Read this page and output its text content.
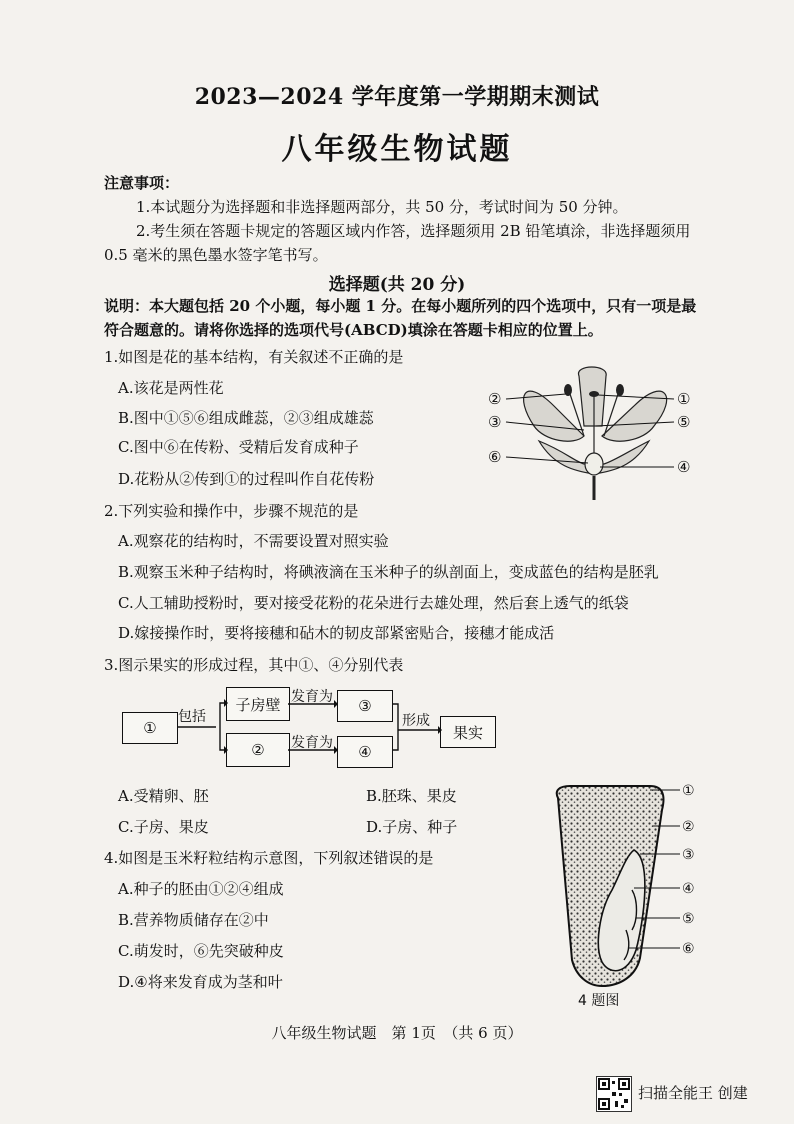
2023—2024 学年度第一学期期末测试
八年级生物试题
注意事项：
1.本试题分为选择题和非选择题两部分，共 50 分，考试时间为 50 分钟。
2.考生须在答题卡规定的答题区域内作答，选择题须用 2B 铅笔填涂，非选择题须用
0.5 毫米的黑色墨水签字笔书写。
选择题(共 20 分)
说明：本大题包括 20 个小题，每小题 1 分。在每小题所列的四个选项中，只有一项是最
符合题意的。请将你选择的选项代号(ABCD)填涂在答题卡相应的位置上。
1.如图是花的基本结构，有关叙述不正确的是
A.该花是两性花
B.图中①⑤⑥组成雌蕊，②③组成雄蕊
C.图中⑥在传粉、受精后发育成种子
D.花粉从②传到①的过程叫作自花传粉
②
③
⑥
①
⑤
④
2.下列实验和操作中，步骤不规范的是
A.观察花的结构时，不需要设置对照实验
B.观察玉米种子结构时，将碘液滴在玉米种子的纵剖面上，变成蓝色的结构是胚乳
C.人工辅助授粉时，要对接受花粉的花朵进行去雄处理，然后套上透气的纸袋
D.嫁接操作时，要将接穗和砧木的韧皮部紧密贴合，接穗才能成活
3.图示果实的形成过程，其中①、④分别代表
①
子房壁	③
②	④
果实
包括
发育为
发育为
形成
A.受精卵、胚	B.胚珠、果皮
C.子房、果皮	D.子房、种子
4.如图是玉米籽粒结构示意图，下列叙述错误的是
A.种子的胚由①②④组成
B.营养物质储存在②中
C.萌发时，⑥先突破种皮
D.④将来发育成为茎和叶
①
②
③
④
⑤
⑥
4 题图
八年级生物试题　第 1页　（共 6 页）
扫描全能王 创建
